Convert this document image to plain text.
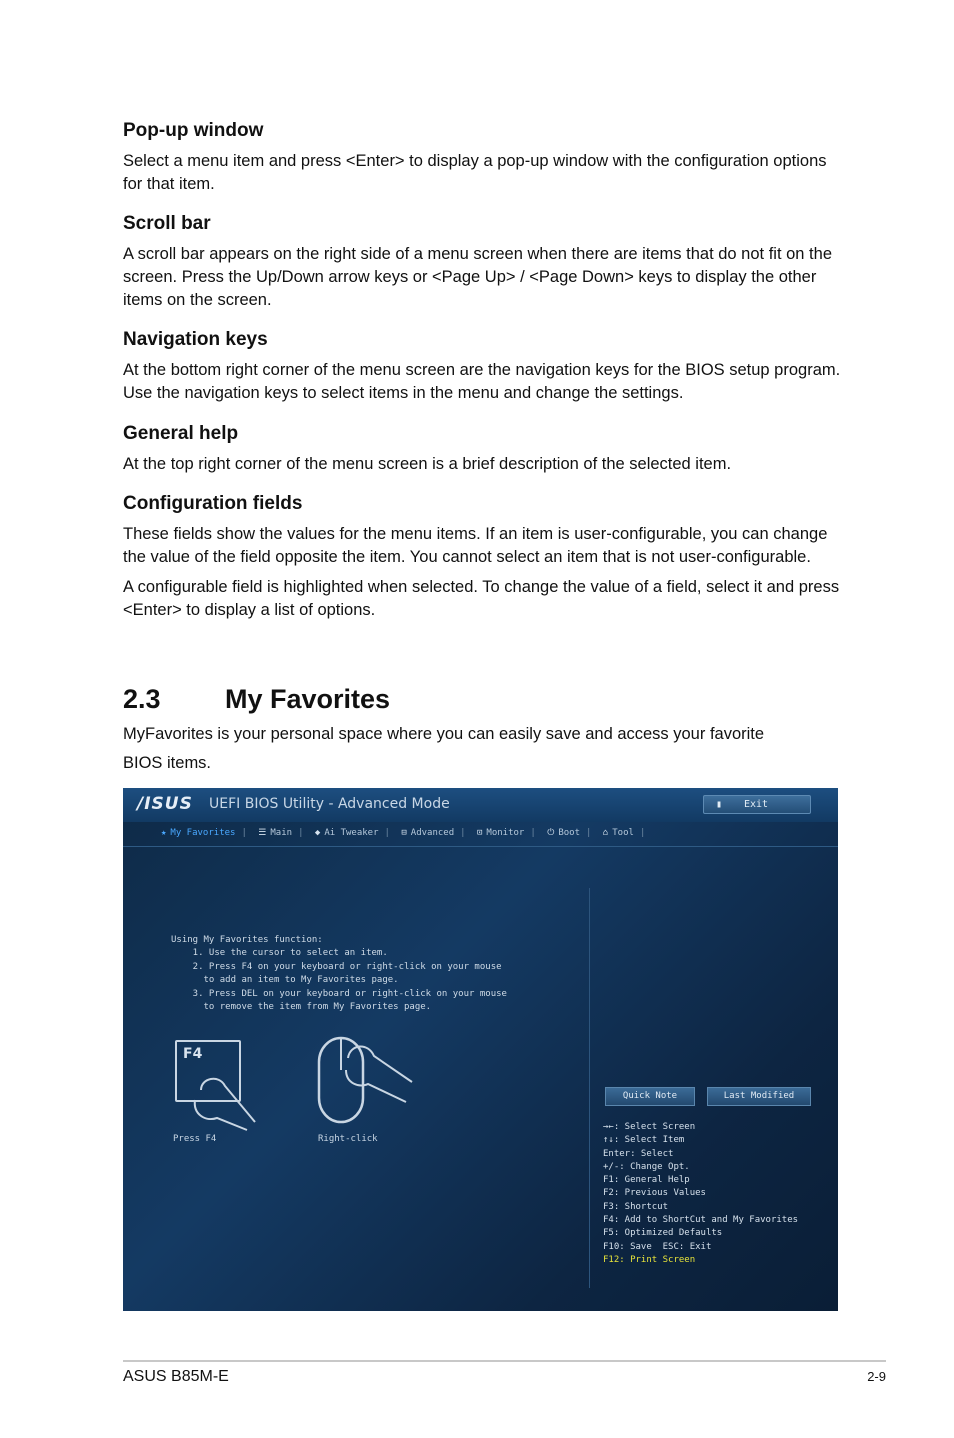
Pop-up window

Select a menu item and press <Enter> to display a pop-up window with the configuration options for that item.

Scroll bar

A scroll bar appears on the right side of a menu screen when there are items that do not fit on the screen. Press the Up/Down arrow keys or <Page Up> / <Page Down> keys to display the other items on the screen.

Navigation keys

At the bottom right corner of the menu screen are the navigation keys for the BIOS setup program. Use the navigation keys to select items in the menu and change the settings.

General help

At the top right corner of the menu screen is a brief description of the selected item.

Configuration fields

These fields show the values for the menu items. If an item is user-configurable, you can change the value of the field opposite the item. You cannot select an item that is not user-configurable.

A configurable field is highlighted when selected. To change the value of a field, select it and press <Enter> to display a list of options.

2.3 My Favorites

MyFavorites is your personal space where you can easily save and access your favorite

BIOS items.

/ISUS UEFI BIOS Utility - Advanced Mode	▮ Exit
★ My Favorites | ☰ Main | ◆ Ai Tweaker | ⊟ Advanced | ⊡ Monitor | ⏻ Boot | ⌂ Tool |
Using My Favorites function:
1. Use the cursor to select an item.
2. Press F4 on your keyboard or right-click on your mouse
to add an item to My Favorites page.
3. Press DEL on your keyboard or right-click on your mouse
to remove the item from My Favorites page.
F4
Press F4	Right-click
Quick Note	Last Modified
→←: Select Screen
↑↓: Select Item
Enter: Select
+/-: Change Opt.
F1: General Help
F2: Previous Values
F3: Shortcut
F4: Add to ShortCut and My Favorites
F5: Optimized Defaults
F10: Save  ESC: Exit
F12: Print Screen
ASUS B85M-E	2-9
